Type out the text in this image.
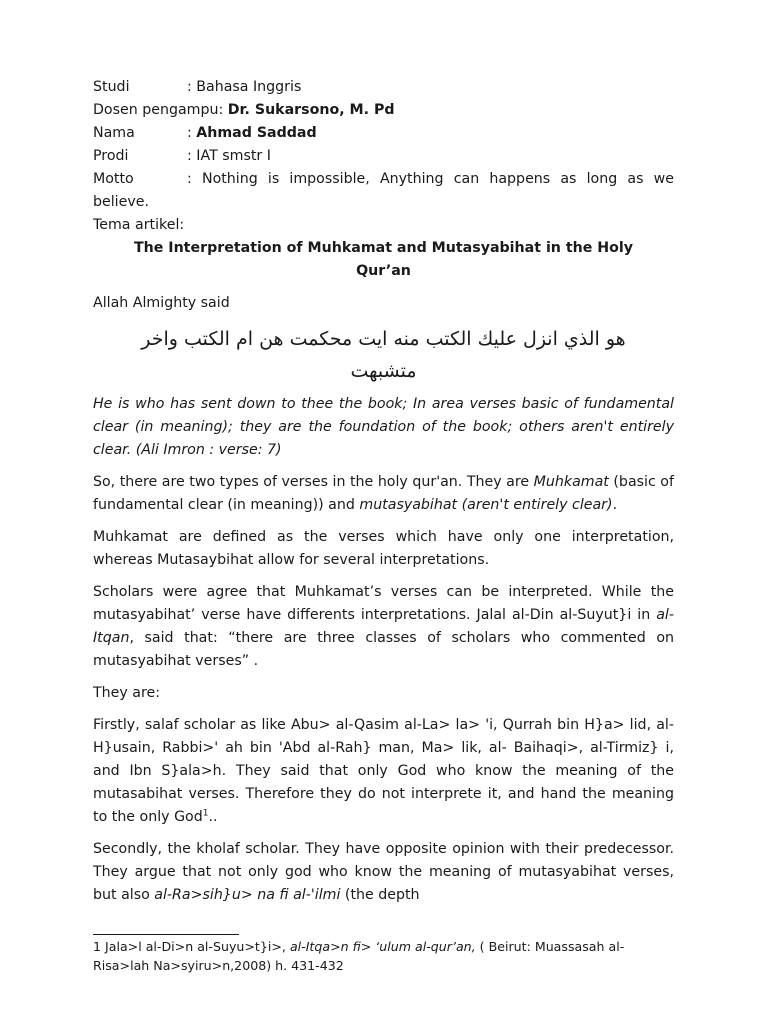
Studi	: Bahasa Inggris
Dosen pengampu:
Dr. Sukarsono, M. Pd
Nama	: Ahmad Saddad
Prodi	: IAT smstr I
Motto	: Nothing is impossible, Anything can happens as long as we
believe.
Tema artikel:
The Interpretation of Muhkamat and Mutasyabihat in the Holy
Qur’an
Allah Almighty said
هو الذي انزل عليك الكتب منه ايت محكمت هن ام الكتب واخر
متشبهت
He is who has sent down to thee the book; In area verses basic of fundamental clear (in meaning); they are the foundation of the book; others aren't entirely clear. (Ali Imron : verse: 7)
So, there are two types of verses in the holy qur'an. They are Muhkamat (basic of fundamental clear (in meaning)) and mutasyabihat (aren't entirely clear).
Muhkamat are defined as the verses which have only one interpretation, whereas Mutasaybihat allow for several interpretations.
Scholars were agree that Muhkamat’s verses can be interpreted. While the mutasyabihat’ verse have differents interpretations. Jalal al-Din al-Suyut}i in al-Itqan, said that: “there are three classes of scholars who commented on mutasyabihat verses” .
They are:
Firstly, salaf scholar as like Abu> al-Qasim al-La> la> 'i, Qurrah bin H}a> lid, al-H}usain, Rabbi>' ah bin 'Abd al-Rah} man, Ma> lik, al- Baihaqi>, al-Tirmiz} i, and Ibn S}ala>h. They said that only God who know the meaning of the mutasabihat verses. Therefore they do not interprete it, and hand the meaning to the only God$^1$..
Secondly, the kholaf scholar. They have opposite opinion with their predecessor. They argue that not only god who know the meaning of mutasyabihat verses, but also al-Ra>sih}u> na fi al-'ilmi (the depth
1 Jala>l al-Di>n al-Suyu>t}i>, al-Itqa>n fi> ‘ulum al-qur’an, ( Beirut: Muassasah al-Risa>lah Na>syiru>n,2008) h. 431-432
